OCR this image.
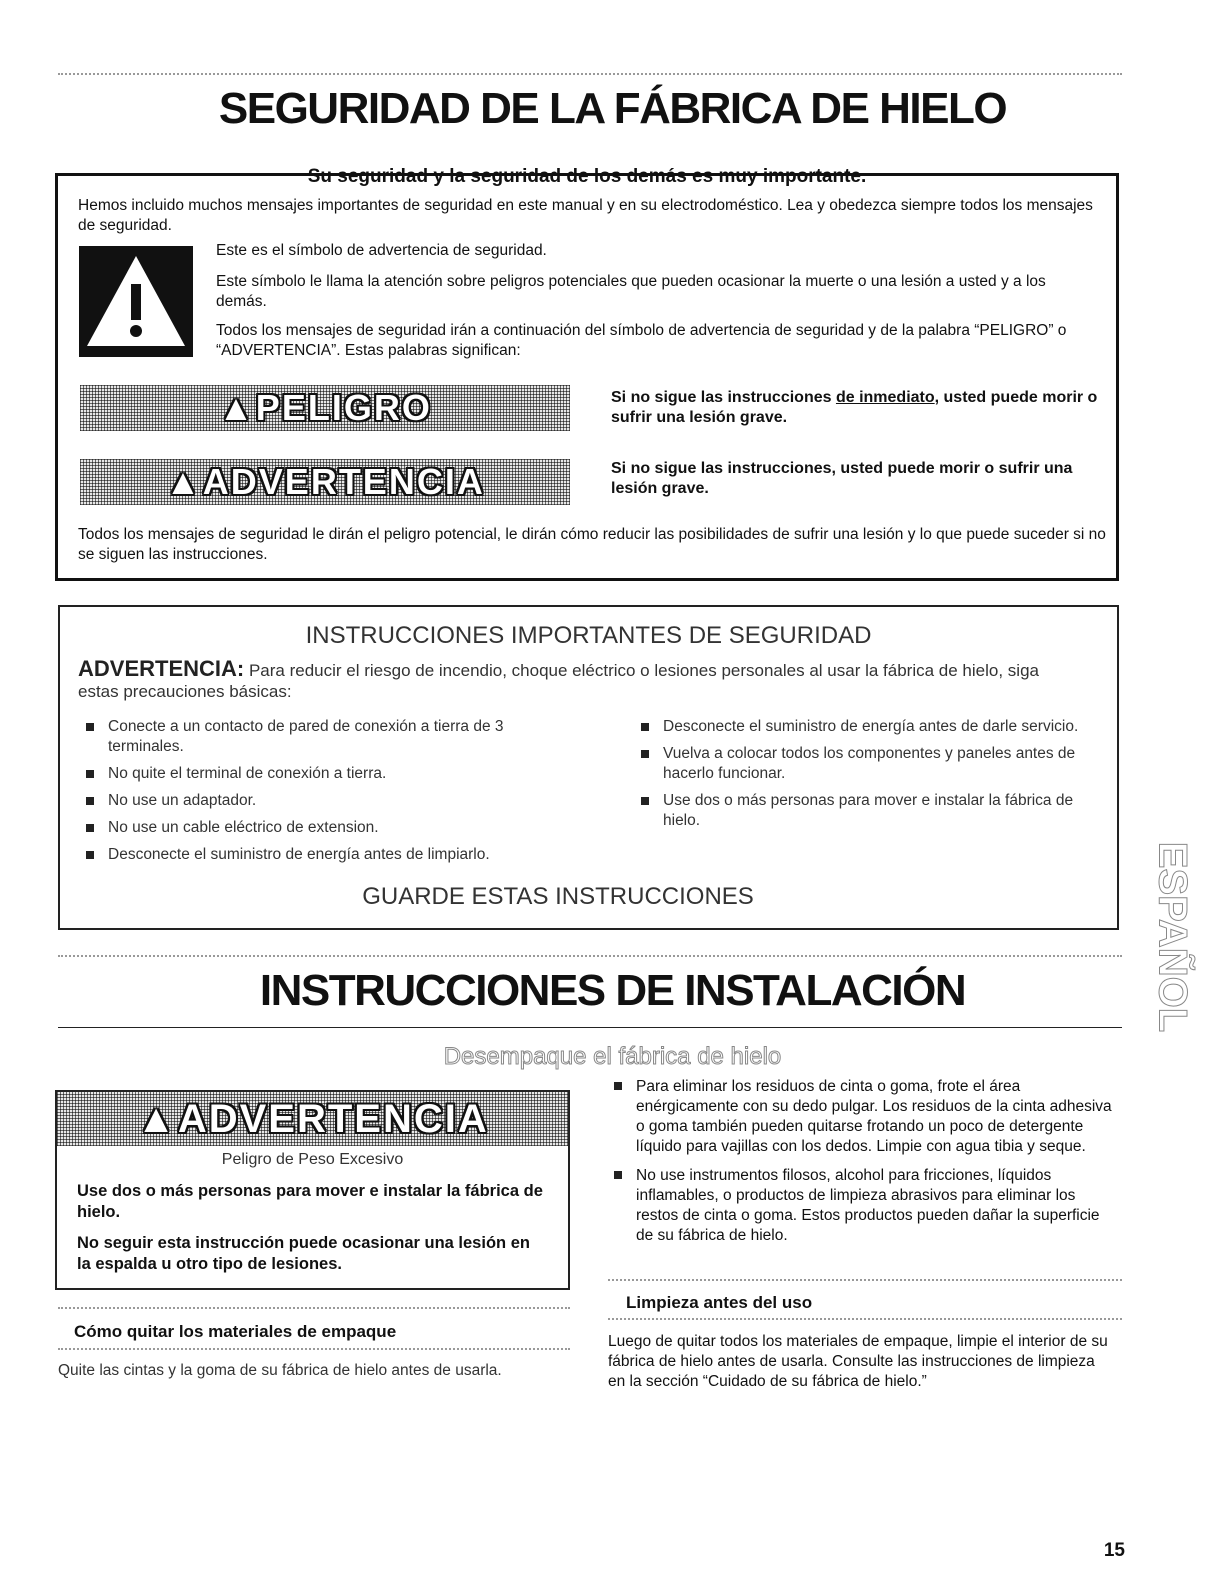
SEGURIDAD DE LA FÁBRICA DE HIELO

Su seguridad y la seguridad de los demás es muy importante.

Hemos incluido muchos mensajes importantes de seguridad en este manual y en su electrodoméstico. Lea y obedezca siempre todos los mensajes de seguridad.

Este es el símbolo de advertencia de seguridad.

Este símbolo le llama la atención sobre peligros potenciales que pueden ocasionar la muerte o una lesión a usted y a los demás.

Todos los mensajes de seguridad irán a continuación del símbolo de advertencia de seguridad y de la palabra “PELIGRO” o “ADVERTENCIA”. Estas palabras significan:

▲PELIGRO	Si no sigue las instrucciones de inmediato, usted puede morir o sufrir una lesión grave.

▲ADVERTENCIA	Si no sigue las instrucciones, usted puede morir o sufrir una lesión grave.

Todos los mensajes de seguridad le dirán el peligro potencial, le dirán cómo reducir las posibilidades de sufrir una lesión y lo que puede suceder si no se siguen las instrucciones.

INSTRUCCIONES IMPORTANTES DE SEGURIDAD

ADVERTENCIA: Para reducir el riesgo de incendio, choque eléctrico o lesiones personales al usar la fábrica de hielo, siga estas precauciones básicas:

Conecte a un contacto de pared de conexión a tierra de 3 terminales.
No quite el terminal de conexión a tierra.
No use un adaptador.
No use un cable eléctrico de extension.
Desconecte el suministro de energía antes de limpiarlo.
Desconecte el suministro de energía antes de darle servicio.
Vuelva a colocar todos los componentes y paneles antes de hacerlo funcionar.
Use dos o más personas para mover e instalar la fábrica de hielo.

GUARDE ESTAS INSTRUCCIONES

INSTRUCCIONES DE INSTALACIÓN

Desempaque el fábrica de hielo

▲ADVERTENCIA

Peligro de Peso Excesivo

Use dos o más personas para mover e instalar la fábrica de hielo.

No seguir esta instrucción puede ocasionar una lesión en la espalda u otro tipo de lesiones.

Cómo quitar los materiales de empaque

Quite las cintas y la goma de su fábrica de hielo antes de usarla.

Para eliminar los residuos de cinta o goma, frote el área enérgicamente con su dedo pulgar. Los residuos de la cinta adhesiva o goma también pueden quitarse frotando un poco de detergente líquido para vajillas con los dedos. Limpie con agua tibia y seque.
No use instrumentos filosos, alcohol para fricciones, líquidos inflamables, o productos de limpieza abrasivos para eliminar los restos de cinta o goma. Estos productos pueden dañar la superficie de su fábrica de hielo.

Limpieza antes del uso

Luego de quitar todos los materiales de empaque, limpie el interior de su fábrica de hielo antes de usarla. Consulte las instrucciones de limpieza en la sección “Cuidado de su fábrica de hielo.”

ESPAÑOL

15
